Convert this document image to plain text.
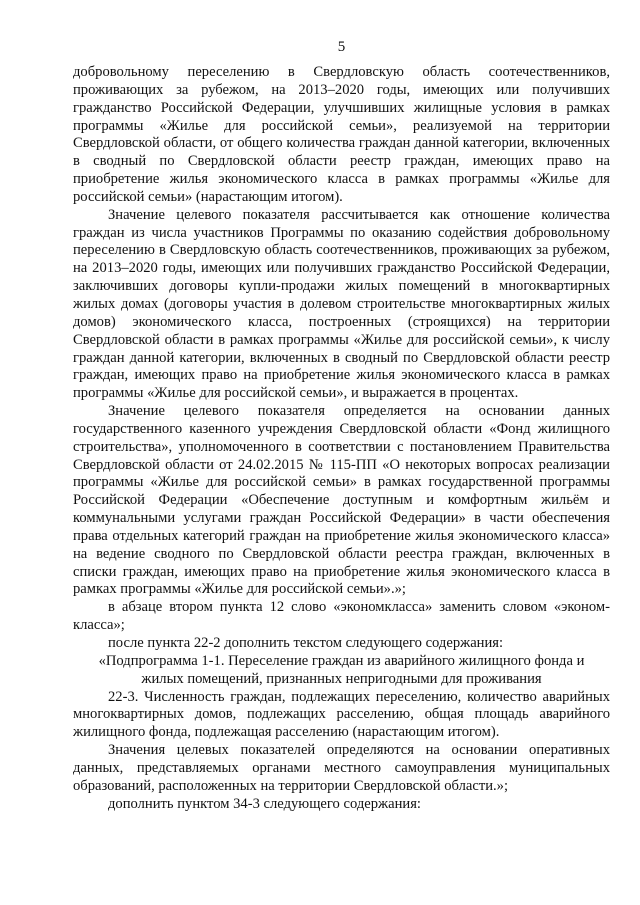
5

добровольному переселению в Свердловскую область соотечественников, проживающих за рубежом, на 2013–2020 годы, имеющих или получивших гражданство Российской Федерации, улучшивших жилищные условия в рамках программы «Жилье для российской семьи», реализуемой на территории Свердловской области, от общего количества граждан данной категории, включенных в сводный по Свердловской области реестр граждан, имеющих право на приобретение жилья экономического класса в рамках программы «Жилье для российской семьи» (нарастающим итогом).

Значение целевого показателя рассчитывается как отношение количества граждан из числа участников Программы по оказанию содействия добровольному переселению в Свердловскую область соотечественников, проживающих за рубежом, на 2013–2020 годы, имеющих или получивших гражданство Российской Федерации, заключивших договоры купли-продажи жилых помещений в многоквартирных жилых домах (договоры участия в долевом строительстве многоквартирных жилых домов) экономического класса, построенных (строящихся) на территории Свердловской области в рамках программы «Жилье для российской семьи», к числу граждан данной категории, включенных в сводный по Свердловской области реестр граждан, имеющих право на приобретение жилья экономического класса в рамках программы «Жилье для российской семьи», и выражается в процентах.

Значение целевого показателя определяется на основании данных государственного казенного учреждения Свердловской области «Фонд жилищного строительства», уполномоченного в соответствии с постановлением Правительства Свердловской области от 24.02.2015 № 115-ПП «О некоторых вопросах реализации программы «Жилье для российской семьи» в рамках государственной программы Российской Федерации «Обеспечение доступным и комфортным жильём и коммунальными услугами граждан Российской Федерации» в части обеспечения права отдельных категорий граждан на приобретение жилья экономического класса» на ведение сводного по Свердловской области реестра граждан, включенных в списки граждан, имеющих право на приобретение жилья экономического класса в рамках программы «Жилье для российской семьи».»;

в абзаце втором пункта 12 слово «экономкласса» заменить словом «эконом-класса»;

после пункта 22-2 дополнить текстом следующего содержания:

«Подпрограмма 1-1. Переселение граждан из аварийного жилищного фонда и
жилых помещений, признанных непригодными для проживания

22-3. Численность граждан, подлежащих переселению, количество аварийных многоквартирных домов, подлежащих расселению, общая площадь аварийного жилищного фонда, подлежащая расселению (нарастающим итогом).

Значения целевых показателей определяются на основании оперативных данных, представляемых органами местного самоуправления муниципальных образований, расположенных на территории Свердловской области.»;

дополнить пунктом 34-3 следующего содержания:
